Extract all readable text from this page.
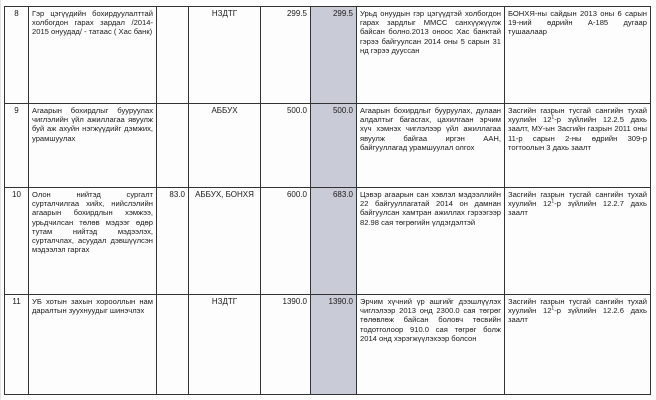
8	Гэр цэгүүдийн бохирдуулалттай холбогдон гарах зардал /2014-2015 онуудад/ - татаас ( Хас банк)		НЗДТГ	299.5	299.5	Урьд онуудын гэр цэгүүдтэй холбогдон гарах зардлыг ММСС санхүүжүүлж байсан болно.2013 оноос Хас банктай гэрээ байгуулсан 2014 оны 5 сарын 31 нд гэрээ дууссан	БОНХЯ-ны сайдын 2013 оны 6 сарын 19-ний өдрийн А-185 дугаар тушаалаар
9	Агаарын бохирдлыг бууруулах чиглэлийн үйл ажиллагаа явуулж буй аж ахуйн нэгжүүдийг дэмжих, урамшуулах		АББУХ	500.0	500.0	Агаарын бохирдлыг бууруулах, дулаан алдалтыг багасгах, цахилгаан эрчим хүч хэмнэх чиглэлээр үйл ажиллагаа явуулж байгаа иргэн ААН, байгууллагад урамшуулал олгох	Засгийн газрын тусгай сангийн тухай хуулийн $12^1-р$ зүйлийн 12.2.5 дахь заалт, МУ-ын Засгийн газрын 2011 оны 11-р сарын 2-ны өдрийн 309-р тогтоолын 3 дахь заалт
10	Олон нийтэд сургалт сурталчилгаа хийх, нийслэлийн агаарын бохирдлын хэмжээ, урьдчилсан төлөв мэдээг өдөр тутам нийтэд мэдээлэх, сурталчлах, асуудал дэвшүүлсэн мэдээлэл гаргах	83.0	АББУХ, БОНХЯ	600.0	683.0	Цэвэр агаарын сан хэвлэл мэдээллийн 22 байгууллагатай 2014 он дамнан байгуулсан хамтран ажиллах гэрээгээр 82.98 сая төгрөгийн үлдэгдэлтэй	Засгийн газрын тусгай сангийн тухай хуулийн $12^1-р$ зүйлийн 12.2.7 дахь заалт
11	УБ хотын захын хорооллын нам даралтын зуухнуудыг шинэчлэх		НЗДТГ	1390.0	1390.0	Эрчим хүчний үр ашгийг дээшлүүлэх чиглэлээр 2013 онд 2300.0 сая төгрөг төлөвлөж байсан боловч төсвийн тодотголоор 910.0 сая төгрөг болж 2014 онд хэрэгжүүлэхээр болсон	Засгийн газрын тусгай сангийн тухай хуулийн $12^1-р$ зүйлийн 12.2.6 дахь заалт
